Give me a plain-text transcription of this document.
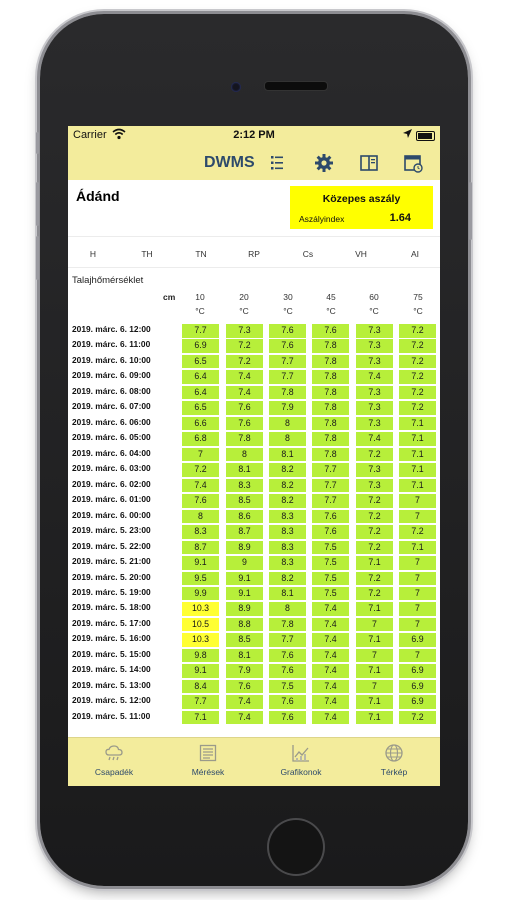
Carrier	2:12 PM
DWMS
Ádánd	Közepes aszály
Aszályindex	1.64
H	TH	TN	RP	Cs	VH	AI
Talajhőmérséklet
cm	10	20	30	45	60	75
°C	°C	°C	°C	°C	°C
2019. márc. 6. 12:00	7.7	7.3	7.6	7.6	7.3	7.2
2019. márc. 6. 11:00	6.9	7.2	7.6	7.8	7.3	7.2
2019. márc. 6. 10:00	6.5	7.2	7.7	7.8	7.3	7.2
2019. márc. 6. 09:00	6.4	7.4	7.7	7.8	7.4	7.2
2019. márc. 6. 08:00	6.4	7.4	7.8	7.8	7.3	7.2
2019. márc. 6. 07:00	6.5	7.6	7.9	7.8	7.3	7.2
2019. márc. 6. 06:00	6.6	7.6	8	7.8	7.3	7.1
2019. márc. 6. 05:00	6.8	7.8	8	7.8	7.4	7.1
2019. márc. 6. 04:00	7	8	8.1	7.8	7.2	7.1
2019. márc. 6. 03:00	7.2	8.1	8.2	7.7	7.3	7.1
2019. márc. 6. 02:00	7.4	8.3	8.2	7.7	7.3	7.1
2019. márc. 6. 01:00	7.6	8.5	8.2	7.7	7.2	7
2019. márc. 6. 00:00	8	8.6	8.3	7.6	7.2	7
2019. márc. 5. 23:00	8.3	8.7	8.3	7.6	7.2	7.2
2019. márc. 5. 22:00	8.7	8.9	8.3	7.5	7.2	7.1
2019. márc. 5. 21:00	9.1	9	8.3	7.5	7.1	7
2019. márc. 5. 20:00	9.5	9.1	8.2	7.5	7.2	7
2019. márc. 5. 19:00	9.9	9.1	8.1	7.5	7.2	7
2019. márc. 5. 18:00	10.3	8.9	8	7.4	7.1	7
2019. márc. 5. 17:00	10.5	8.8	7.8	7.4	7	7
2019. márc. 5. 16:00	10.3	8.5	7.7	7.4	7.1	6.9
2019. márc. 5. 15:00	9.8	8.1	7.6	7.4	7	7
2019. márc. 5. 14:00	9.1	7.9	7.6	7.4	7.1	6.9
2019. márc. 5. 13:00	8.4	7.6	7.5	7.4	7	6.9
2019. márc. 5. 12:00	7.7	7.4	7.6	7.4	7.1	6.9
2019. márc. 5. 11:00	7.1	7.4	7.6	7.4	7.1	7.2
Csapadék	Mérések	Grafikonok	Térkép
